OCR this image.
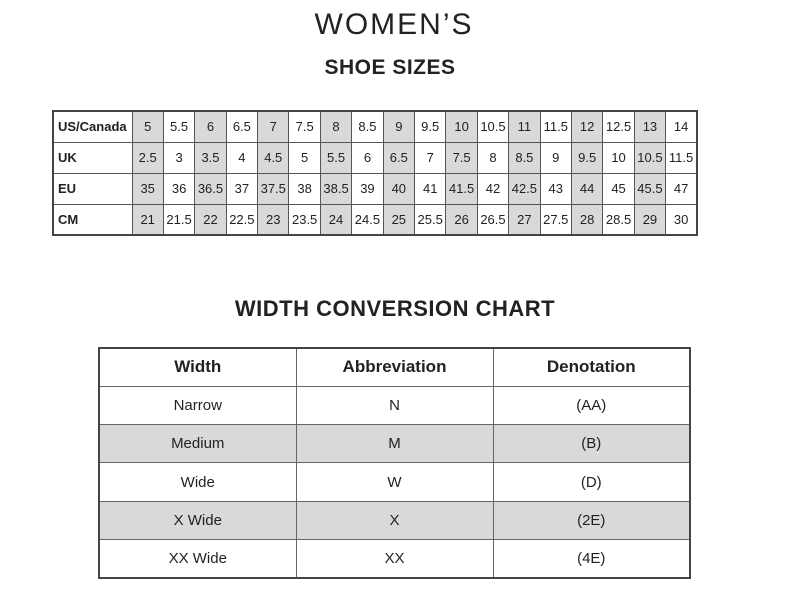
WOMEN’S
SHOE SIZES
US/Canada	5	5.5	6	6.5	7	7.5	8	8.5	9	9.5	10	10.5	11	11.5	12	12.5	13	14
UK	2.5	3	3.5	4	4.5	5	5.5	6	6.5	7	7.5	8	8.5	9	9.5	10	10.5	11.5
EU	35	36	36.5	37	37.5	38	38.5	39	40	41	41.5	42	42.5	43	44	45	45.5	47
CM	21	21.5	22	22.5	23	23.5	24	24.5	25	25.5	26	26.5	27	27.5	28	28.5	29	30
WIDTH CONVERSION CHART
Width	Abbreviation	Denotation
Narrow	N	(AA)
Medium	M	(B)
Wide	W	(D)
X Wide	X	(2E)
XX Wide	XX	(4E)
